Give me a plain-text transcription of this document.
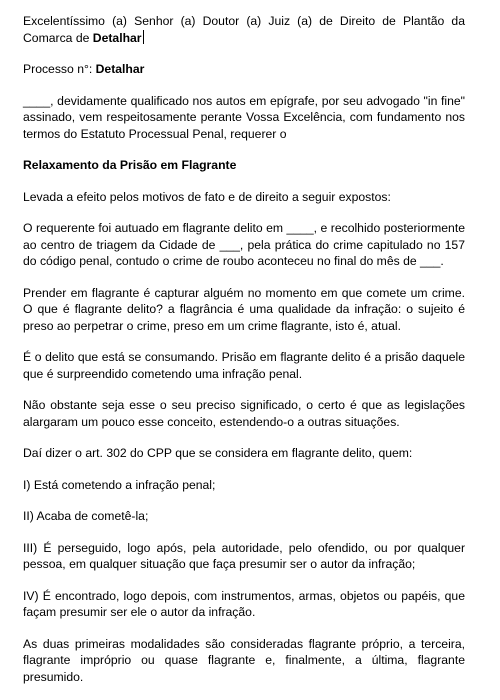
Excelentíssimo (a) Senhor (a) Doutor (a) Juiz (a) de Direito de Plantão da Comarca de Detalhar

Processo n°: Detalhar

____, devidamente qualificado nos autos em epígrafe, por seu advogado "in fine" assinado, vem respeitosamente perante Vossa Excelência, com fundamento nos termos do Estatuto Processual Penal, requerer o

Relaxamento da Prisão em Flagrante

Levada a efeito pelos motivos de fato e de direito a seguir expostos:

O requerente foi autuado em flagrante delito em ____, e recolhido posteriormente ao centro de triagem da Cidade de ___, pela prática do crime capitulado no 157 do código penal, contudo o crime de roubo aconteceu no final do mês de ___.

Prender em flagrante é capturar alguém no momento em que comete um crime. O que é flagrante delito? a flagrância é uma qualidade da infração: o sujeito é preso ao perpetrar o crime, preso em um crime flagrante, isto é, atual.

É o delito que está se consumando. Prisão em flagrante delito é a prisão daquele que é surpreendido cometendo uma infração penal.

Não obstante seja esse o seu preciso significado, o certo é que as legislações alargaram um pouco esse conceito, estendendo-o a outras situações.

Daí dizer o art. 302 do CPP que se considera em flagrante delito, quem:

I) Está cometendo a infração penal;

II) Acaba de cometê-la;

III) É perseguido, logo após, pela autoridade, pelo ofendido, ou por qualquer pessoa, em qualquer situação que faça presumir ser o autor da infração;

IV) É encontrado, logo depois, com instrumentos, armas, objetos ou papéis, que façam presumir ser ele o autor da infração.

As duas primeiras modalidades são consideradas flagrante próprio, a terceira, flagrante impróprio ou quase flagrante e, finalmente, a última, flagrante presumido.
